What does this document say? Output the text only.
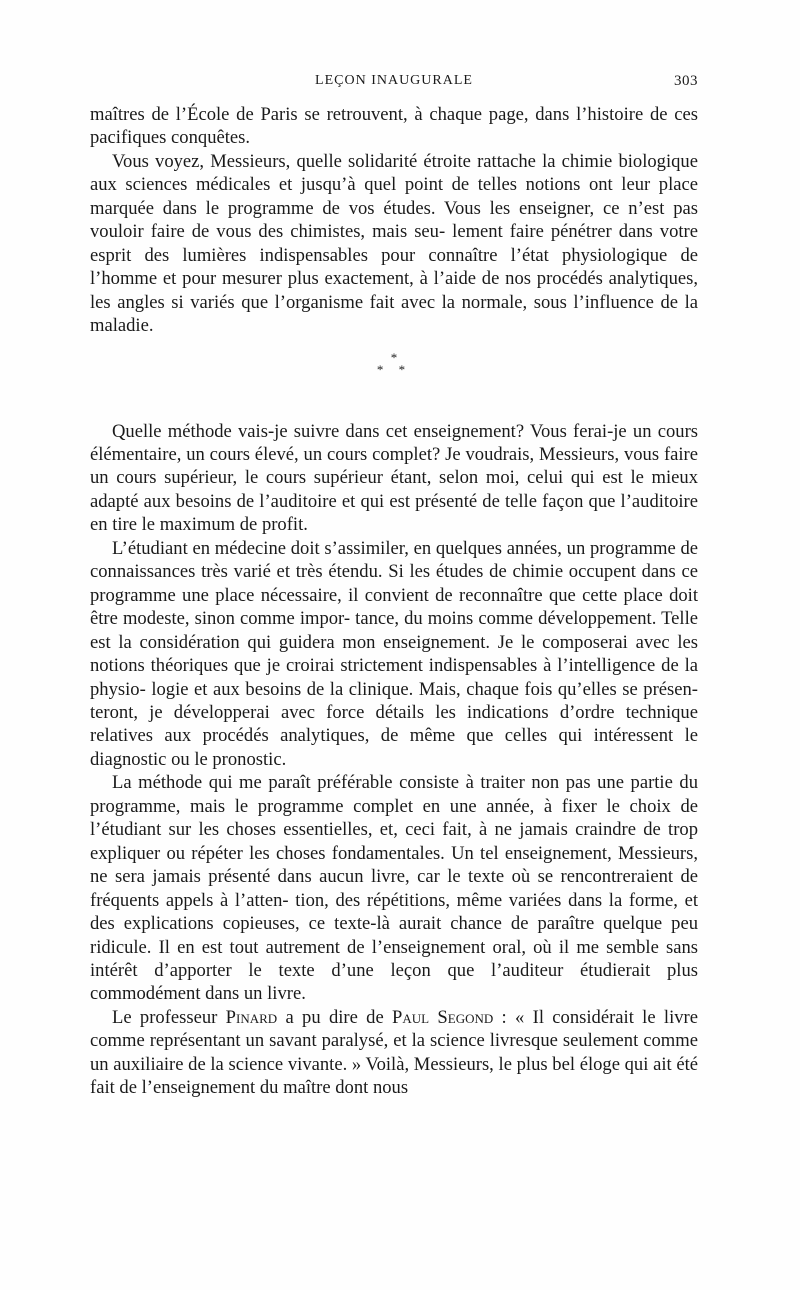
LEÇON INAUGURALE	303

maîtres de l’École de Paris se retrouvent, à chaque page, dans l’histoire de ces pacifiques conquêtes.

Vous voyez, Messieurs, quelle solidarité étroite rattache la chimie biologique aux sciences médicales et jusqu’à quel point de telles notions ont leur place marquée dans le programme de vos études. Vous les enseigner, ce n’est pas vouloir faire de vous des chimistes, mais seu- lement faire pénétrer dans votre esprit des lumières indispensables pour connaître l’état physiologique de l’homme et pour mesurer plus exactement, à l’aide de nos procédés analytiques, les angles si variés que l’organisme fait avec la normale, sous l’influence de la maladie.

*
* *

Quelle méthode vais-je suivre dans cet enseignement? Vous ferai-je un cours élémentaire, un cours élevé, un cours complet? Je voudrais, Messieurs, vous faire un cours supérieur, le cours supérieur étant, selon moi, celui qui est le mieux adapté aux besoins de l’auditoire et qui est présenté de telle façon que l’auditoire en tire le maximum de profit.

L’étudiant en médecine doit s’assimiler, en quelques années, un programme de connaissances très varié et très étendu. Si les études de chimie occupent dans ce programme une place nécessaire, il convient de reconnaître que cette place doit être modeste, sinon comme impor- tance, du moins comme développement. Telle est la considération qui guidera mon enseignement. Je le composerai avec les notions théoriques que je croirai strictement indispensables à l’intelligence de la physio- logie et aux besoins de la clinique. Mais, chaque fois qu’elles se présen- teront, je développerai avec force détails les indications d’ordre technique relatives aux procédés analytiques, de même que celles qui intéressent le diagnostic ou le pronostic.

La méthode qui me paraît préférable consiste à traiter non pas une partie du programme, mais le programme complet en une année, à fixer le choix de l’étudiant sur les choses essentielles, et, ceci fait, à ne jamais craindre de trop expliquer ou répéter les choses fondamentales. Un tel enseignement, Messieurs, ne sera jamais présenté dans aucun livre, car le texte où se rencontreraient de fréquents appels à l’atten- tion, des répétitions, même variées dans la forme, et des explications copieuses, ce texte-là aurait chance de paraître quelque peu ridicule. Il en est tout autrement de l’enseignement oral, où il me semble sans intérêt d’apporter le texte d’une leçon que l’auditeur étudierait plus commodément dans un livre.

Le professeur Pinard a pu dire de Paul Segond : « Il considérait le livre comme représentant un savant paralysé, et la science livresque seulement comme un auxiliaire de la science vivante. » Voilà, Messieurs, le plus bel éloge qui ait été fait de l’enseignement du maître dont nous
